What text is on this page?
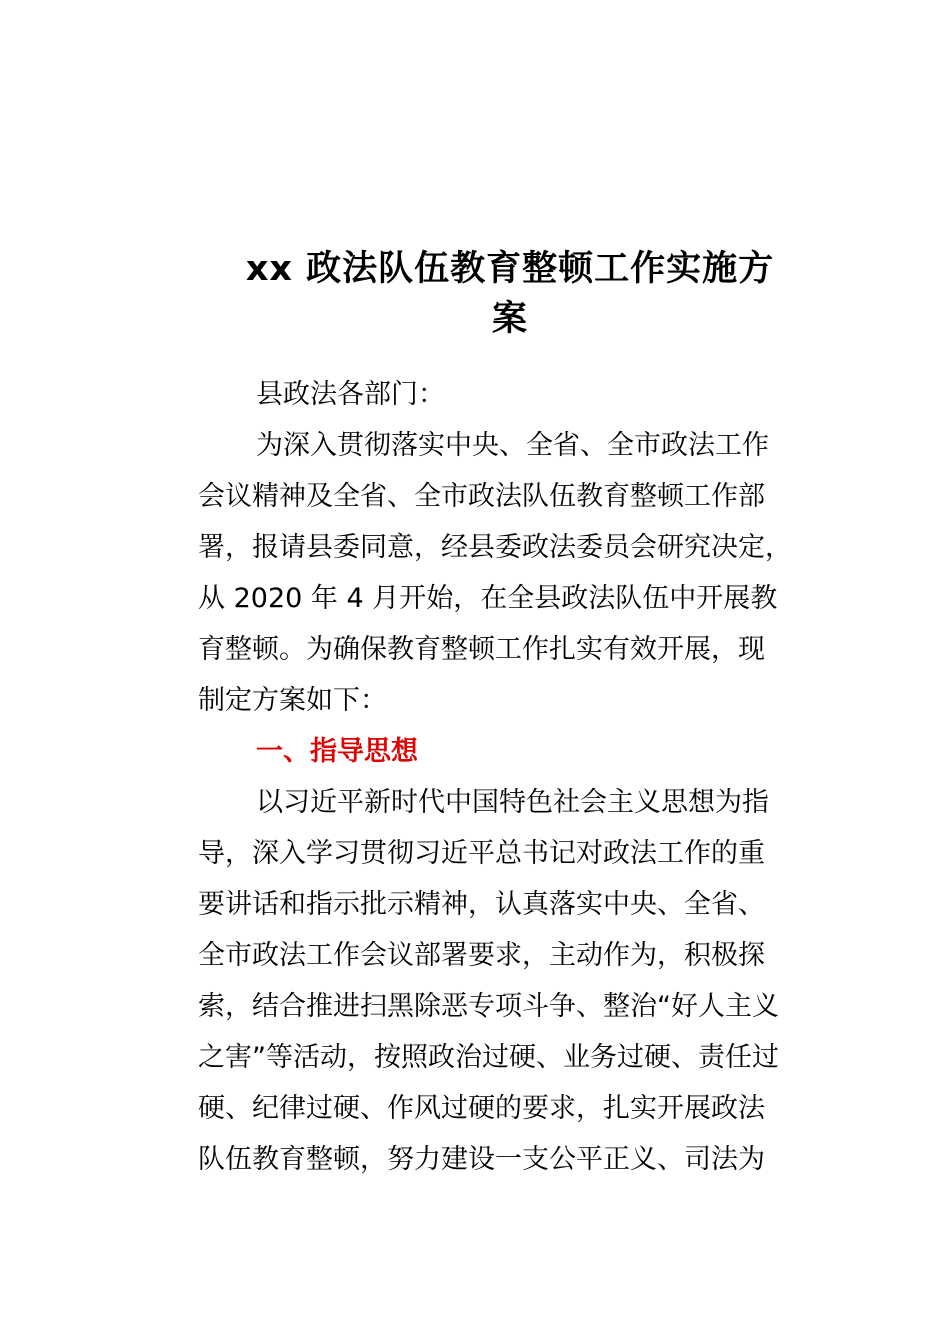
xx 政法队伍教育整顿工作实施方
案
县政法各部门：
为深入贯彻落实中央、全省、全市政法工作
会议精神及全省、全市政法队伍教育整顿工作部
署，报请县委同意，经县委政法委员会研究决定，
从 2020 年 4 月开始，在全县政法队伍中开展教
育整顿。为确保教育整顿工作扎实有效开展，现
制定方案如下：
一、指导思想
以习近平新时代中国特色社会主义思想为指
导，深入学习贯彻习近平总书记对政法工作的重
要讲话和指示批示精神，认真落实中央、全省、
全市政法工作会议部署要求，主动作为，积极探
索，结合推进扫黑除恶专项斗争、整治“好人主义
之害”等活动，按照政治过硬、业务过硬、责任过
硬、纪律过硬、作风过硬的要求，扎实开展政法
队伍教育整顿，努力建设一支公平正义、司法为
